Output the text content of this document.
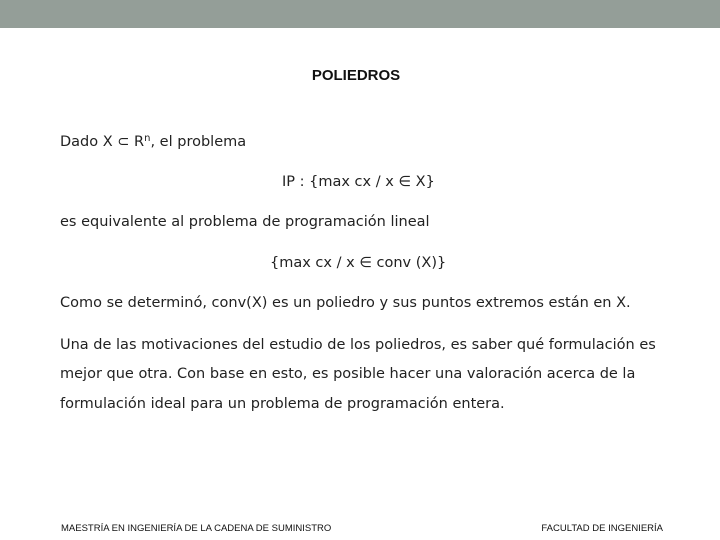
POLIEDROS
Dado X ⊂ $R^n$, el problema
IP : {max cx / x ∈ X}
es equivalente al problema de programación lineal
{max cx / x ∈ conv (X)}
Como se determinó, conv(X) es un poliedro y sus puntos extremos están en X.
Una de las motivaciones del estudio de los poliedros, es saber qué formulación es
mejor que otra. Con base en esto, es posible hacer una valoración acerca de la
formulación ideal para un problema de programación entera.
MAESTRÍA EN INGENIERÍA DE LA CADENA DE SUMINISTRO	FACULTAD DE INGENIERÍA
